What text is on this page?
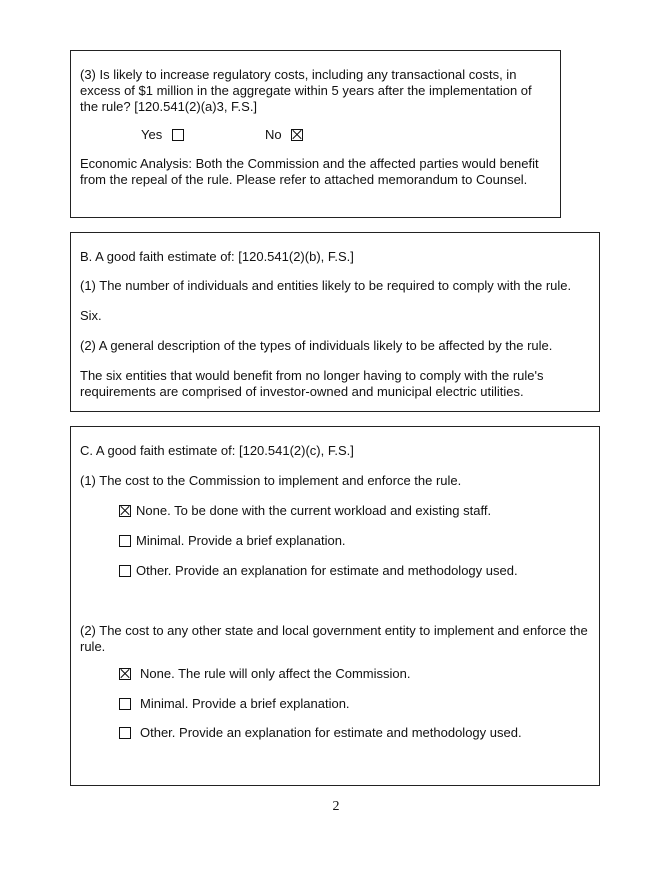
(3) Is likely to increase regulatory costs, including any transactional costs, in excess of $1 million in the aggregate within 5 years after the implementation of the rule? [120.541(2)(a)3, F.S.]
Yes	No
Economic Analysis: Both the Commission and the affected parties would benefit from the repeal of the rule. Please refer to attached memorandum to Counsel.
B. A good faith estimate of: [120.541(2)(b), F.S.]
(1) The number of individuals and entities likely to be required to comply with the rule.
Six.
(2) A general description of the types of individuals likely to be affected by the rule.
The six entities that would benefit from no longer having to comply with the rule's requirements are comprised of investor-owned and municipal electric utilities.
C. A good faith estimate of: [120.541(2)(c), F.S.]
(1) The cost to the Commission to implement and enforce the rule.
None. To be done with the current workload and existing staff.
Minimal. Provide a brief explanation.
Other. Provide an explanation for estimate and methodology used.
(2) The cost to any other state and local government entity to implement and enforce the rule.
None. The rule will only affect the Commission.
Minimal. Provide a brief explanation.
Other. Provide an explanation for estimate and methodology used.
2
